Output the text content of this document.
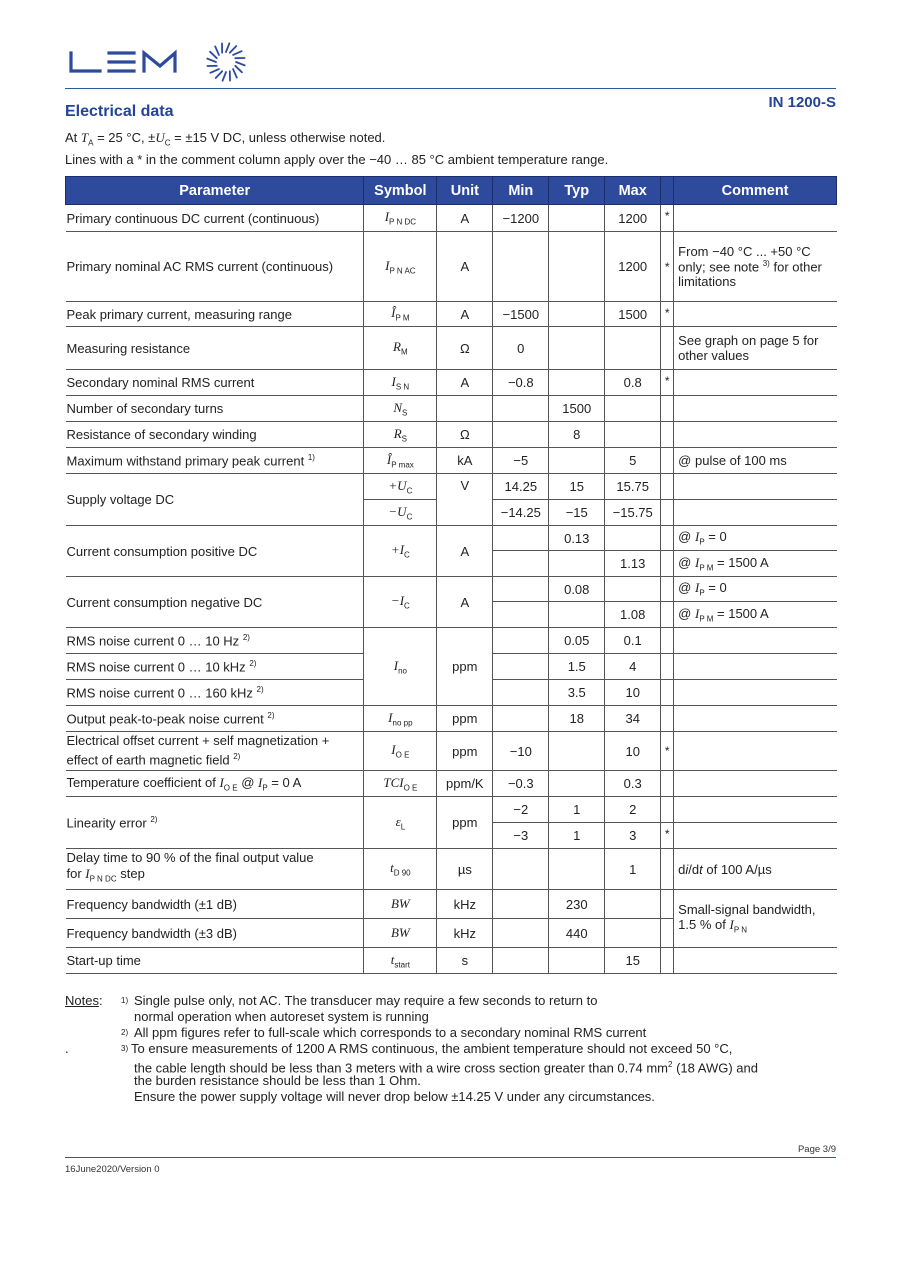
Electrical data
IN 1200-S
At $T_A = 25$ °C, $\pm U_C = \pm 15$ V DC, unless otherwise noted.
Lines with a * in the comment column apply over the −40 … 85 °C ambient temperature range.
Parameter	Symbol	Unit	Min	Typ	Max		Comment
Primary continuous DC current (continuous)	$I_{P N DC}$	A	−1200		1200	*	
Primary nominal AC RMS current (continuous)	$I_{P N AC}$	A			1200	*	From −40 °C ... +50 °C only; see note $^{3)}$ for other limitations
Peak primary current, measuring range	$Î_{P M}$	A	−1500		1500	*	
Measuring resistance	$R_M$	Ω	0				See graph on page 5 for other values
Secondary nominal RMS current	$I_{S N}$	A	−0.8		0.8	*	
Number of secondary turns	$N_S$			1500			
Resistance of secondary winding	$R_S$	Ω		8			
Maximum withstand primary peak current $^{1)}$	$Î_{P max}$	kA	−5		5		@ pulse of 100 ms
Supply voltage DC	$+U_C$	V	14.25	15	15.75		
	$-U_C$		−14.25	−15	−15.75		
Current consumption positive DC	$+I_C$	A		0.13			@ $I_P = 0$
					1.13		@ $I_{P M} = 1500$ A
Current consumption negative DC	$-I_C$	A		0.08			@ $I_P = 0$
					1.08		@ $I_{P M} = 1500$ A
RMS noise current 0 … 10 Hz $^{2)}$	$I_{no}$	ppm		0.05	0.1		
RMS noise current 0 … 10 kHz $^{2)}$				1.5	4		
RMS noise current 0 … 160 kHz $^{2)}$				3.5	10		
Output peak-to-peak noise current $^{2)}$	$I_{no pp}$	ppm		18	34		
Electrical offset current + self magnetization +
effect of earth magnetic field $^{2)}$	$I_{O E}$	ppm	−10		10	*	
Temperature coefficient of $I_{O E}$ @ $I_P = 0$ A	$TCI_{O E}$	ppm/K	−0.3		0.3		
Linearity error $^{2)}$	$\varepsilon_L$	ppm	−2	1	2		
			−3	1	3	*	
Delay time to 90 % of the final output value
for $I_{P N DC}$ step	$t_{D 90}$	µs			1		di/dt of 100 A/µs
Frequency bandwidth (±1 dB)	BW	kHz		230			Small-signal bandwidth, 1.5 % of $I_{P N}$
Frequency bandwidth (±3 dB)	BW	kHz		440			
Start-up time	$t_{start}$	s			15		
Notes: 1) Single pulse only, not AC. The transducer may require a few seconds to return to
normal operation when autoreset system is running
2) All ppm figures refer to full-scale which corresponds to a secondary nominal RMS current
.	3) To ensure measurements of 1200 A RMS continuous, the ambient temperature should not exceed 50 °C,
the cable length should be less than 3 meters with a wire cross section greater than 0.74 $mm^2$ (18 AWG) and
the burden resistance should be less than 1 Ohm.
Ensure the power supply voltage will never drop below ±14.25 V under any circumstances.
Page 3/9
16June2020/Version 0
